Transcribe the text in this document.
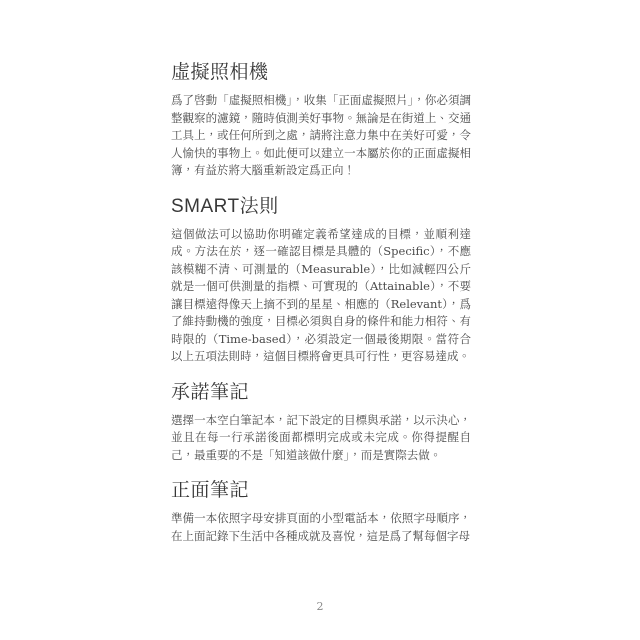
虛擬照相機

爲了啓動「虛擬照相機」，收集「正面虛擬照片」，你必須調整觀察的濾鏡，隨時偵測美好事物。無論是在街道上、交通工具上，或任何所到之處，請將注意力集中在美好可愛，令人愉快的事物上。如此便可以建立一本屬於你的正面虛擬相簿，有益於將大腦重新設定爲正向！

SMART法則

這個做法可以協助你明確定義希望達成的目標，並順利達成。方法在於，逐一確認目標是具體的（Specific），不應該模糊不清、可測量的（Measurable），比如減輕四公斤就是一個可供測量的指標、可實現的（Attainable），不要讓目標遠得像天上摘不到的星星、相應的（Relevant），爲了維持動機的強度，目標必須與自身的條件和能力相符、有時限的（Time-based），必須設定一個最後期限。當符合以上五項法則時，這個目標將會更具可行性，更容易達成。

承諾筆記

選擇一本空白筆記本，記下設定的目標與承諾，以示決心，並且在每一行承諾後面都標明完成或未完成。你得提醒自己，最重要的不是「知道該做什麼」，而是實際去做。

正面筆記

準備一本依照字母安排頁面的小型電話本，依照字母順序，在上面記錄下生活中各種成就及喜悅，這是爲了幫每個字母

2
